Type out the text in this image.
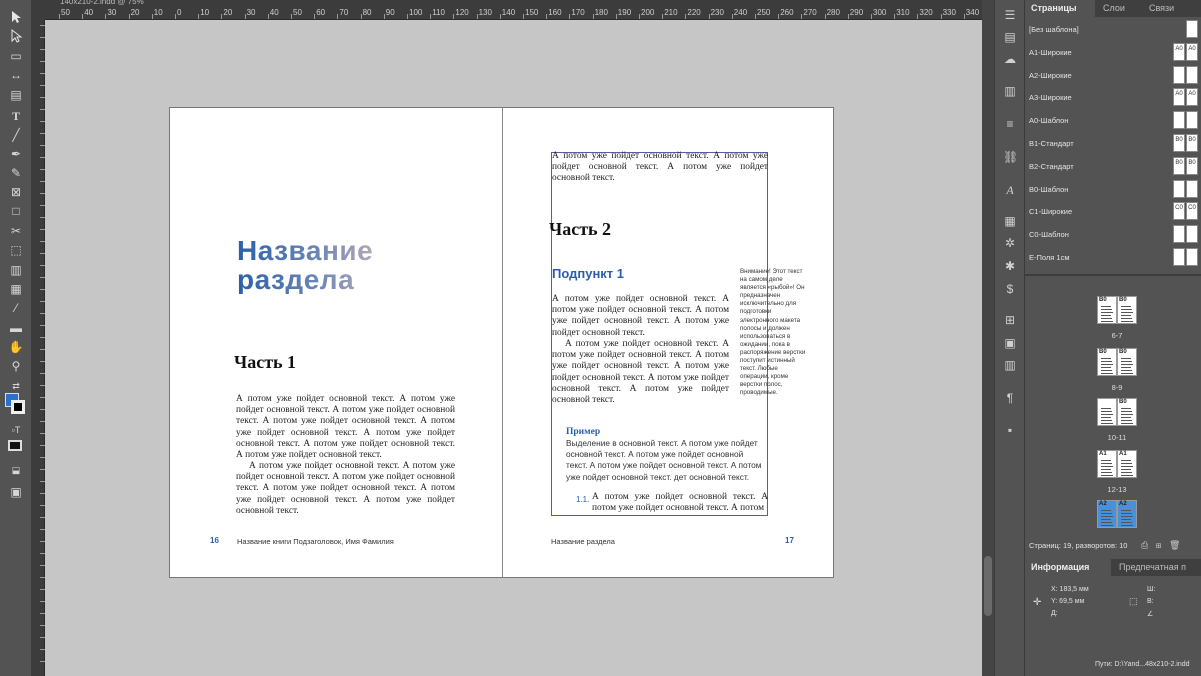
▭
↔
▤
T
╱
✒
✎
⊠
□
✂
⬚
▥
▦
⁄
▬
✋
⚲
⇄
▫T
⬓
▣
140x210-2.indd @ 75%
50 40 30 20 10 0 10 20 30 40 50 60 70 80 90 100 110 120 130 140 150 160 170 180 190 200 210 220 230 240 250 260 270 280 290 300 310 320 330 340
Название
раздела
Часть 1
А потом уже пойдет основной текст. А потом уже пойдет основной текст. А потом уже пойдет основной текст. А потом уже пойдет основной текст. А потом уже пойдет основной текст. А потом уже пойдет основной текст. А потом уже пойдет основной текст. А потом уже пойдет основной текст.
А потом уже пойдет основной текст. А потом уже пойдет основной текст. А потом уже пойдет основной текст. А потом уже пойдет основной текст. А потом уже пойдет основной текст. А потом уже пойдет основной текст.
16 Название книги Подзаголовок, Имя Фамилия
А потом уже пойдет основной текст. А потом уже пойдет основной текст. А потом уже пойдет основной текст.
Часть 2
Подпункт 1
А потом уже пойдет основной текст. А потом уже пойдет основной текст. А потом уже пойдет основной текст. А потом уже пойдет основной текст.
А потом уже пойдет основной текст. А потом уже пойдет основной текст. А потом уже пойдет основной текст. А потом уже пойдет основной текст. А потом уже пойдет основной текст. А потом уже пойдет основной текст.
Пример
Выделение в основной текст. А потом уже пойдет основной текст. А потом уже пойдет основной текст. А потом уже пойдет основной текст. А потом уже пойдет основной текст. дет основной текст.
1.1. А потом уже пойдет основной текст. А потом уже пойдет основной текст. А потом
Внимание! Этот текст на самом деле является «рыбой»! Он предназначен исключительно для подготовки электронного макета полосы и должен использоваться в ожидании, пока в распоряжение верстки поступит истинный текст. Любые операции, кроме верстки полос, проводимые.
Название раздела	17
☰
▤
☁
▥
≡
⛓
A
▦
✲
✱
$
⊞
▣
▥
¶
▪
Страницы	Слои	Связи
[Без шаблона]
А1-Широкие	A0 A0
А2-Широкие
А3-Широкие	A0 A0
А0-Шаблон
В1-Стандарт	B0 B0
В2-Стандарт	B0 B0
В0-Шаблон
С1-Широкие	C0 C0
С0-Шаблон
Е-Поля 1см
B0 B0
6-7
B0 B0
8-9
B0
10-11
A1 A1
12-13
A2 A2
Страниц: 19, разворотов: 10 ⎙ ⊞ 🗑
Информация	Предпечатная п
✛
X: 183,5 мм
Y: 69,5 мм
Д:
⬚
Ш:
В:
∠
Пути: D:\Yand...48x210-2.indd
